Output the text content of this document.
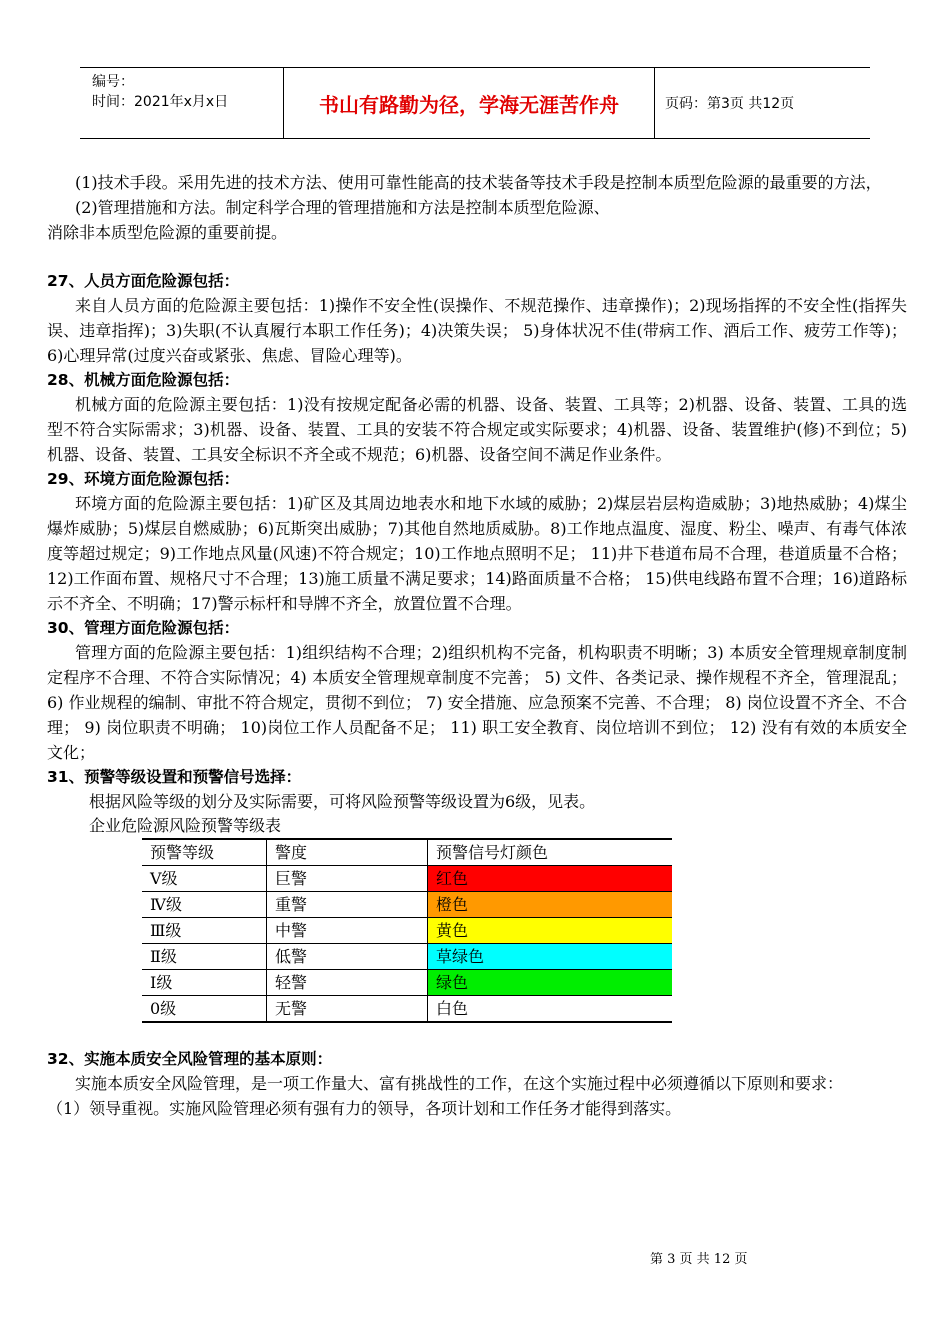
编号：
时间：2021年x月x日	书山有路勤为径，学海无涯苦作舟	页码：第3页 共12页

(1)技术手段。采用先进的技术方法、使用可靠性能高的技术装备等技术手段是控制本质型危险源的最重要的方法，

(2)管理措施和方法。制定科学合理的管理措施和方法是控制本质型危险源、

消除非本质型危险源的重要前提。

27、人员方面危险源包括：

来自人员方面的危险源主要包括：1)操作不安全性(误操作、不规范操作、违章操作)；2)现场指挥的不安全性(指挥失误、违章指挥)；3)失职(不认真履行本职工作任务)；4)决策失误； 5)身体状况不佳(带病工作、酒后工作、疲劳工作等)；6)心理异常(过度兴奋或紧张、焦虑、冒险心理等)。

28、机械方面危险源包括：

机械方面的危险源主要包括：1)没有按规定配备必需的机器、设备、装置、工具等；2)机器、设备、装置、工具的选型不符合实际需求；3)机器、设备、装置、工具的安装不符合规定或实际要求；4)机器、设备、装置维护(修)不到位；5)机器、设备、装置、工具安全标识不齐全或不规范；6)机器、设备空间不满足作业条件。

29、环境方面危险源包括：

环境方面的危险源主要包括：1)矿区及其周边地表水和地下水域的威胁；2)煤层岩层构造威胁；3)地热威胁；4)煤尘爆炸威胁；5)煤层自燃威胁；6)瓦斯突出威胁；7)其他自然地质威胁。8)工作地点温度、湿度、粉尘、噪声、有毒气体浓度等超过规定；9)工作地点风量(风速)不符合规定；10)工作地点照明不足； 11)井下巷道布局不合理，巷道质量不合格；12)工作面布置、规格尺寸不合理；13)施工质量不满足要求；14)路面质量不合格； 15)供电线路布置不合理；16)道路标示不齐全、不明确；17)警示标杆和导牌不齐全，放置位置不合理。

30、管理方面危险源包括：

管理方面的危险源主要包括：1)组织结构不合理；2)组织机构不完备，机构职责不明晰；3) 本质安全管理规章制度制定程序不合理、不符合实际情况；4) 本质安全管理规章制度不完善； 5) 文件、各类记录、操作规程不齐全，管理混乱； 6) 作业规程的编制、审批不符合规定，贯彻不到位； 7) 安全措施、应急预案不完善、不合理； 8) 岗位设置不齐全、不合理； 9) 岗位职责不明确； 10)岗位工作人员配备不足； 11) 职工安全教育、岗位培训不到位； 12) 没有有效的本质安全文化；

31、预警等级设置和预警信号选择：

根据风险等级的划分及实际需要，可将风险预警等级设置为6级，见表。

企业危险源风险预警等级表

预警等级	警度	预警信号灯颜色
Ⅴ级	巨警	红色
Ⅳ级	重警	橙色
Ⅲ级	中警	黄色
Ⅱ级	低警	草绿色
Ⅰ级	轻警	绿色
0级	无警	白色

32、实施本质安全风险管理的基本原则：

实施本质安全风险管理，是一项工作量大、富有挑战性的工作，在这个实施过程中必须遵循以下原则和要求：

（1）领导重视。实施风险管理必须有强有力的领导，各项计划和工作任务才能得到落实。

第 3 页 共 12 页
